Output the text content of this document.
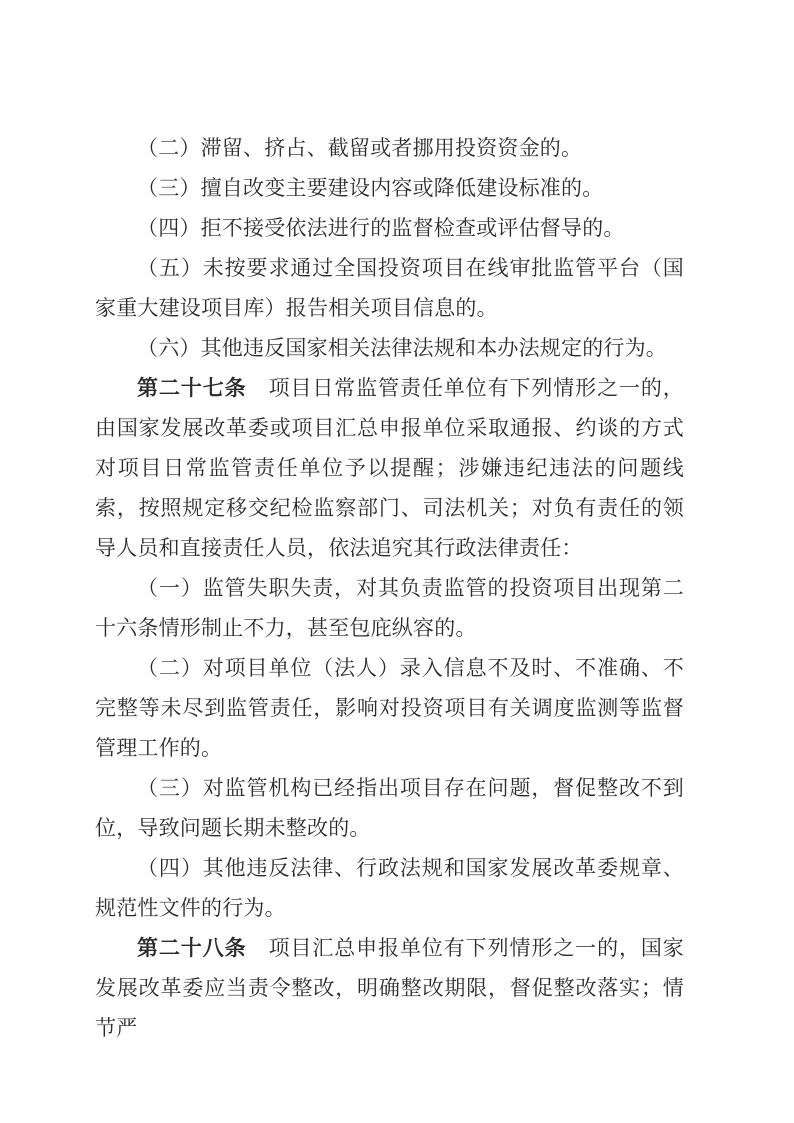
（二）滞留、挤占、截留或者挪用投资资金的。

（三）擅自改变主要建设内容或降低建设标准的。

（四）拒不接受依法进行的监督检查或评估督导的。

（五）未按要求通过全国投资项目在线审批监管平台（国家重大建设项目库）报告相关项目信息的。

（六）其他违反国家相关法律法规和本办法规定的行为。

第二十七条 项目日常监管责任单位有下列情形之一的，由国家发展改革委或项目汇总申报单位采取通报、约谈的方式对项目日常监管责任单位予以提醒；涉嫌违纪违法的问题线索，按照规定移交纪检监察部门、司法机关；对负有责任的领导人员和直接责任人员，依法追究其行政法律责任：

（一）监管失职失责，对其负责监管的投资项目出现第二十六条情形制止不力，甚至包庇纵容的。

（二）对项目单位（法人）录入信息不及时、不准确、不完整等未尽到监管责任，影响对投资项目有关调度监测等监督管理工作的。

（三）对监管机构已经指出项目存在问题，督促整改不到位，导致问题长期未整改的。

（四）其他违反法律、行政法规和国家发展改革委规章、规范性文件的行为。

第二十八条 项目汇总申报单位有下列情形之一的，国家发展改革委应当责令整改，明确整改期限，督促整改落实；情节严
